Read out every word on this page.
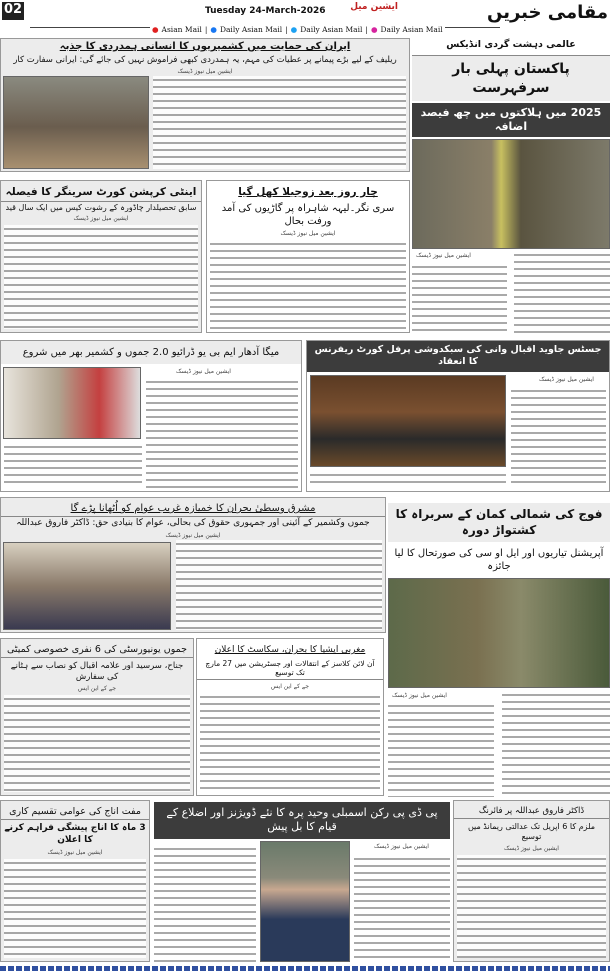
02	Tuesday 24-March-2026	ایشین میل	مقامی خبریں
● Asian Mail | ● Daily Asian Mail | ● Daily Asian Mail | ● Daily Asian Mail
ایران کی حمایت میں کشمیریوں کا انسانی ہمدردی کا جذبہ
ریلیف کے لیے بڑے پیمانے پر عطیات کی مہم، یہ ہمدردی کبھی فراموش نہیں کی جائے گی: ایرانی سفارت کار
ایشین میل نیوز ڈیسک
عالمی دہشت گردی انڈیکس
پاکستان پہلی بار سرفہرست
2025 میں ہلاکتوں میں چھ فیصد اضافہ
ایشین میل نیوز ڈیسک
اینٹی کرپشن کورٹ سرینگر کا فیصلہ
سابق تحصیلدار چاڈورہ کے رشوت کیس میں ایک سال قید
ایشین میل نیوز ڈیسک
چار روز بعد زوجیلا کھل گیا
سری نگر۔لیہہ شاہراہ پر گاڑیوں کی آمد ورفت بحال
ایشین میل نیوز ڈیسک
میگا آدھار ایم بی یو ڈرائیو 2.0 جموں و کشمیر بھر میں شروع
ایشین میل نیوز ڈیسک
جسٹس جاوید اقبال وانی کی سبکدوشی پرفل کورٹ ریفرنس کا انعقاد
ایشین میل نیوز ڈیسک
مشرق وسطیٰ بحران کا خمیازہ غریب عوام کو اُٹھانا پڑے گا
جموں وکشمیر کے آئینی اور جمہوری حقوق کی بحالی، عوام کا بنیادی حق: ڈاکٹر فاروق عبداللہ
ایشین میل نیوز ڈیسک
فوج کی شمالی کمان کے سربراہ کا کشتواڑ دورہ
آپریشنل تیاریوں اور ایل او سی کی صورتحال کا لیا جائزہ
ایشین میل نیوز ڈیسک
جموں یونیورسٹی کی 6 نفری خصوصی کمیٹی
جناح، سرسید اور علامہ اقبال کو نصاب سے ہٹانے کی سفارش
جے کے این ایس
مغربی ایشیا کا بحران، سکاسٹ کا اعلان
آن لائن کلاسز کے انتقالات اور جسٹریشن میں 27 مارچ تک توسیع
جے کے این ایس
مفت اناج کی عوامی تقسیم کاری
3 ماہ کا اناج پیشگی فراہم کرنے کا اعلان
ایشین میل نیوز ڈیسک
پی ڈی پی رکن اسمبلی وحید پرہ کا نئے ڈویژنز اور اضلاع کے قیام کا بل پیش
ایشین میل نیوز ڈیسک
ڈاکٹر فاروق عبداللہ پر فائرنگ
ملزم کا 6 اپریل تک عدالتی ریمانڈ میں توسیع
ایشین میل نیوز ڈیسک
